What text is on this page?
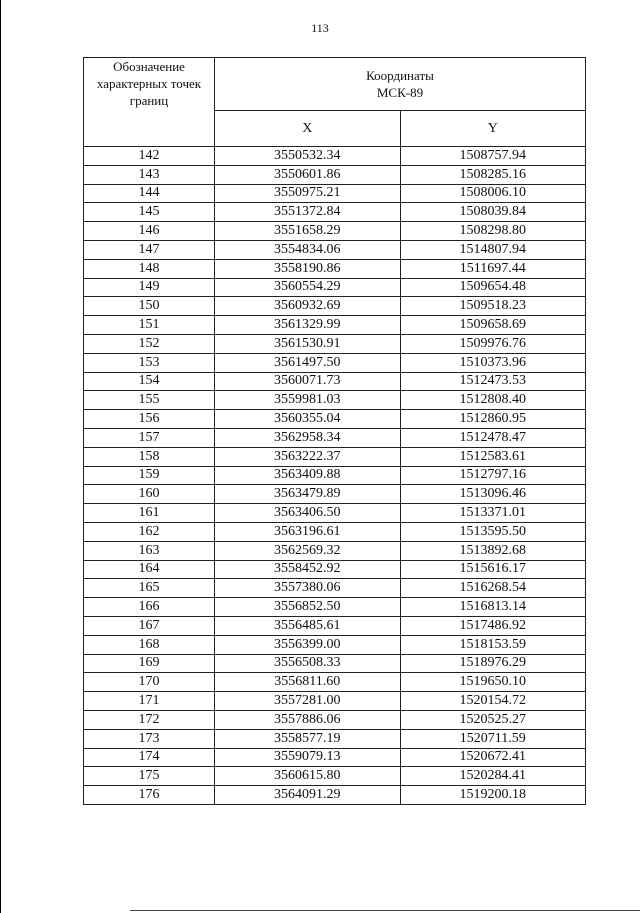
113
Обозначение характерных точек границ	Координаты
МСК-89	
	X	Y
142	3550532.34	1508757.94
143	3550601.86	1508285.16
144	3550975.21	1508006.10
145	3551372.84	1508039.84
146	3551658.29	1508298.80
147	3554834.06	1514807.94
148	3558190.86	1511697.44
149	3560554.29	1509654.48
150	3560932.69	1509518.23
151	3561329.99	1509658.69
152	3561530.91	1509976.76
153	3561497.50	1510373.96
154	3560071.73	1512473.53
155	3559981.03	1512808.40
156	3560355.04	1512860.95
157	3562958.34	1512478.47
158	3563222.37	1512583.61
159	3563409.88	1512797.16
160	3563479.89	1513096.46
161	3563406.50	1513371.01
162	3563196.61	1513595.50
163	3562569.32	1513892.68
164	3558452.92	1515616.17
165	3557380.06	1516268.54
166	3556852.50	1516813.14
167	3556485.61	1517486.92
168	3556399.00	1518153.59
169	3556508.33	1518976.29
170	3556811.60	1519650.10
171	3557281.00	1520154.72
172	3557886.06	1520525.27
173	3558577.19	1520711.59
174	3559079.13	1520672.41
175	3560615.80	1520284.41
176	3564091.29	1519200.18
